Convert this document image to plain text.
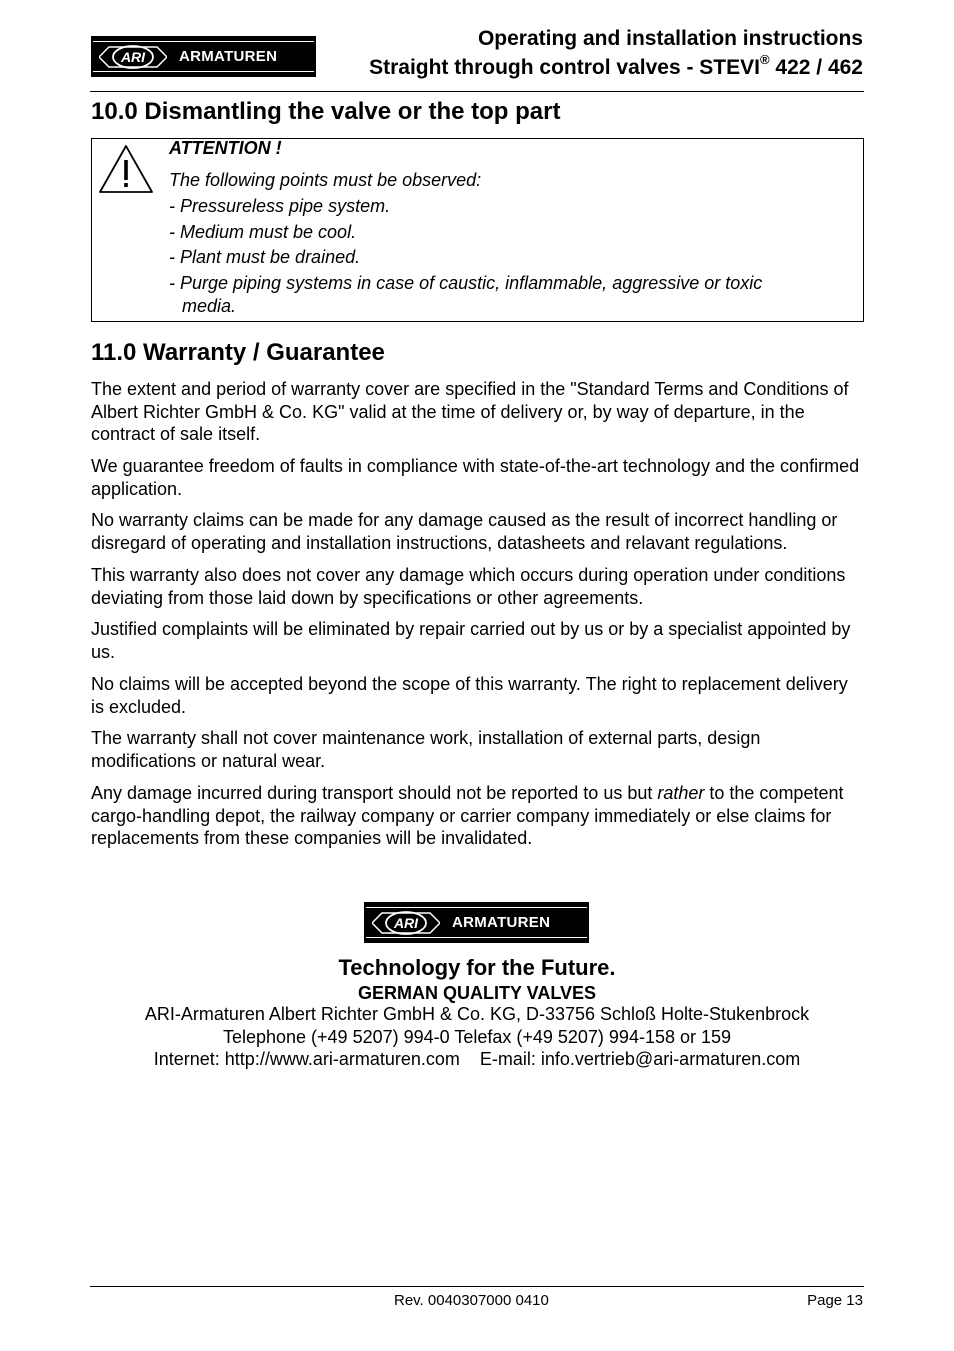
ARI ARMATUREN
Operating and installation instructions
Straight through control valves - STEVI® 422 / 462
10.0 Dismantling the valve or the top part
ATTENTION !
The following points must be observed:
- Pressureless pipe system.
- Medium must be cool.
- Plant must be drained.
- Purge piping systems in case of caustic, inflammable, aggressive or toxic
media.
11.0 Warranty / Guarantee

The extent and period of warranty cover are specified in the "Standard Terms and Conditions of Albert Richter GmbH & Co. KG" valid at the time of delivery or, by way of departure, in the contract of sale itself.

We guarantee freedom of faults in compliance with state-of-the-art technology and the confirmed application.

No warranty claims can be made for any damage caused as the result of incorrect handling or disregard of operating and installation instructions, datasheets and relavant regulations.

This warranty also does not cover any damage which occurs during operation under conditions deviating from those laid down by specifications or other agreements.

Justified complaints will be eliminated by repair carried out by us or by a specialist appointed by us.

No claims will be accepted beyond the scope of this warranty. The right to replacement delivery is excluded.

The warranty shall not cover maintenance work, installation of external parts, design modifications or natural wear.

Any damage incurred during transport should not be reported to us but rather to the competent cargo-handling depot, the railway company or carrier company immediately or else claims for replacements from these companies will be invalidated.

ARI ARMATUREN
Technology for the Future.
GERMAN QUALITY VALVES
ARI-Armaturen Albert Richter GmbH & Co. KG, D-33756 Schloß Holte-Stukenbrock
Telephone (+49 5207) 994-0 Telefax (+49 5207) 994-158 or 159
Internet: http://www.ari-armaturen.com    E-mail: info.vertrieb@ari-armaturen.com
Rev. 0040307000 0410	Page 13
